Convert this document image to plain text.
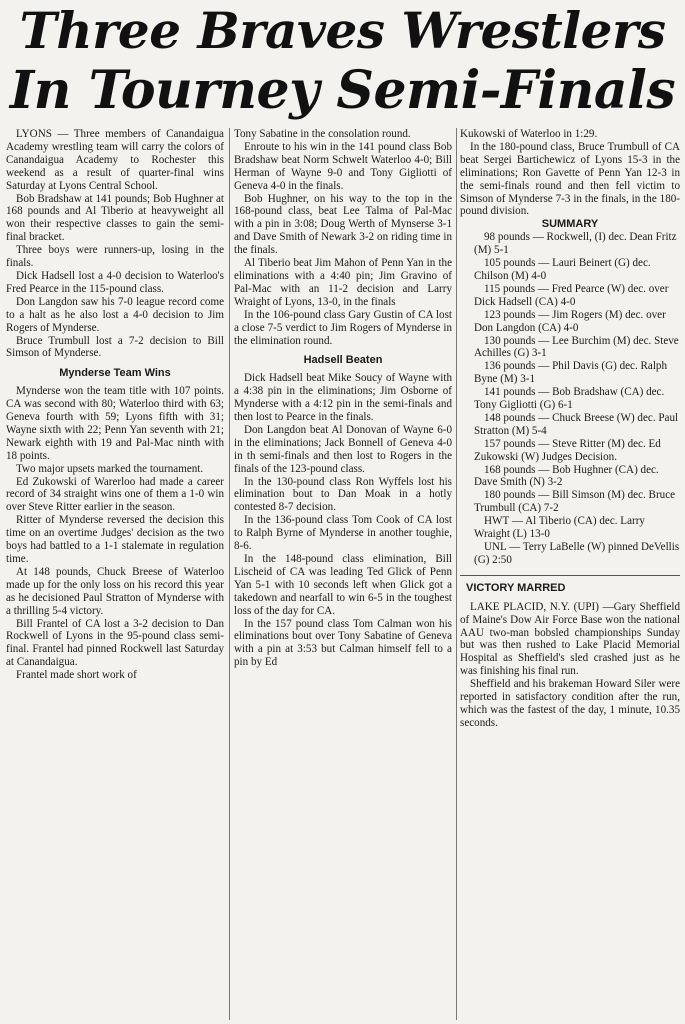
Three Braves Wrestlers
In Tourney Semi-Finals

LYONS — Three members of Canandaigua Academy wrestling team will carry the colors of Canandaigua Academy to Rochester this weekend as a result of quarter-final wins Saturday at Lyons Central School.

Bob Bradshaw at 141 pounds; Bob Hughner at 168 pounds and Al Tiberio at heavyweight all won their respective classes to gain the semi-final bracket.

Three boys were runners-up, losing in the finals.

Dick Hadsell lost a 4-0 decision to Waterloo's Fred Pearce in the 115-pound class.

Don Langdon saw his 7-0 league record come to a halt as he also lost a 4-0 decision to Jim Rogers of Mynderse.

Bruce Trumbull lost a 7-2 decision to Bill Simson of Mynderse.

Mynderse Team Wins

Mynderse won the team title with 107 points. CA was second with 80; Waterloo third with 63; Geneva fourth with 59; Lyons fifth with 31; Wayne sixth with 22; Penn Yan seventh with 21; Newark eighth with 19 and Pal-Mac ninth with 18 points.

Two major upsets marked the tournament.

Ed Zukowski of Warerloo had made a career record of 34 straight wins one of them a 1-0 win over Steve Ritter earlier in the season.

Ritter of Mynderse reversed the decision this time on an overtime Judges' decision as the two boys had battled to a 1-1 stalemate in regulation time.

At 148 pounds, Chuck Breese of Waterloo made up for the only loss on his record this year as he decisioned Paul Stratton of Mynderse with a thrilling 5-4 victory.

Bill Frantel of CA lost a 3-2 decision to Dan Rockwell of Lyons in the 95-pound class semi-final. Frantel had pinned Rockwell last Saturday at Canandaigua.

Frantel made short work of

Tony Sabatine in the consolation round.

Enroute to his win in the 141 pound class Bob Bradshaw beat Norm Schwelt Waterloo 4-0; Bill Herman of Wayne 9-0 and Tony Gigliotti of Geneva 4-0 in the finals.

Bob Hughner, on his way to the top in the 168-pound class, beat Lee Talma of Pal-Mac with a pin in 3:08; Doug Werth of Mynserse 3-1 and Dave Smith of Newark 3-2 on riding time in the finals.

Al Tiberio beat Jim Mahon of Penn Yan in the eliminations with a 4:40 pin; Jim Gravino of Pal-Mac with an 11-2 decision and Larry Wraight of Lyons, 13-0, in the finals

In the 106-pound class Gary Gustin of CA lost a close 7-5 verdict to Jim Rogers of Mynderse in the elimination round.

Hadsell Beaten

Dick Hadsell beat Mike Soucy of Wayne with a 4:38 pin in the eliminations; Jim Osborne of Mynderse with a 4:12 pin in the semi-finals and then lost to Pearce in the finals.

Don Langdon beat Al Donovan of Wayne 6-0 in the eliminations; Jack Bonnell of Geneva 4-0 in th semi-finals and then lost to Rogers in the finals of the 123-pound class.

In the 130-pound class Ron Wyffels lost his elimination bout to Dan Moak in a hotly contested 8-7 decision.

In the 136-pound class Tom Cook of CA lost to Ralph Byrne of Mynderse in another toughie, 8-6.

In the 148-pound class elimination, Bill Lischeid of CA was leading Ted Glick of Penn Yan 5-1 with 10 seconds left when Glick got a takedown and nearfall to win 6-5 in the toughest loss of the day for CA.

In the 157 pound class Tom Calman won his eliminations bout over Tony Sabatine of Geneva with a pin at 3:53 but Calman himself fell to a pin by Ed

Kukowski of Waterloo in 1:29.

In the 180-pound class, Bruce Trumbull of CA beat Sergei Bartichewicz of Lyons 15-3 in the eliminations; Ron Gavette of Penn Yan 12-3 in the semi-finals round and then fell victim to Simson of Mynderse 7-3 in the finals, in the 180-pound division.

SUMMARY

98 pounds — Rockwell, (I) dec. Dean Fritz (M) 5-1

105 pounds — Lauri Beinert (G) dec. Chilson (M) 4-0

115 pounds — Fred Pearce (W) dec. over Dick Hadsell (CA) 4-0

123 pounds — Jim Rogers (M) dec. over Don Langdon (CA) 4-0

130 pounds — Lee Burchim (M) dec. Steve Achilles (G) 3-1

136 pounds — Phil Davis (G) dec. Ralph Byne (M) 3-1

141 pounds — Bob Bradshaw (CA) dec. Tony Gigliotti (G) 6-1

148 pounds — Chuck Breese (W) dec. Paul Stratton (M) 5-4

157 pounds — Steve Ritter (M) dec. Ed Zukowski (W) Judges Decision.

168 pounds — Bob Hughner (CA) dec. Dave Smith (N) 3-2

180 pounds — Bill Simson (M) dec. Bruce Trumbull (CA) 7-2

HWT — Al Tiberio (CA) dec. Larry Wraight (L) 13-0

UNL — Terry LaBelle (W) pinned DeVellis (G) 2:50

VICTORY MARRED

LAKE PLACID, N.Y. (UPI) —Gary Sheffield of Maine's Dow Air Force Base won the national AAU two-man bobsled championships Sunday but was then rushed to Lake Placid Memorial Hospital as Sheffield's sled crashed just as he was finishing his final run.

Sheffield and his brakeman Howard Siler were reported in satisfactory condition after the run, which was the fastest of the day, 1 minute, 10.35 seconds.
